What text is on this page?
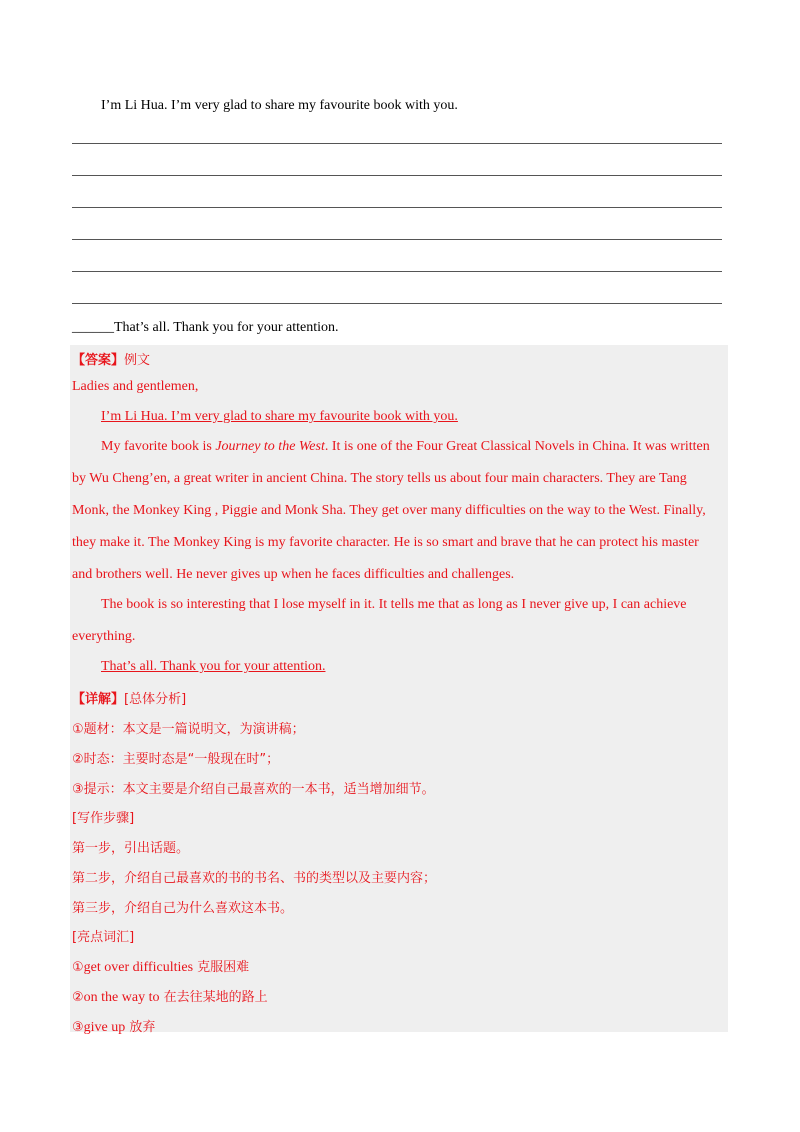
I’m Li Hua. I’m very glad to share my favourite book with you.
______That’s all. Thank you for your attention.
【答案】例文
Ladies and gentlemen,
I’m Li Hua. I’m very glad to share my favourite book with you.
My favorite book is Journey to the West. It is one of the Four Great Classical Novels in China. It was written
by Wu Cheng’en, a great writer in ancient China. The story tells us about four main characters. They are Tang
Monk, the Monkey King , Piggie and Monk Sha. They get over many difficulties on the way to the West. Finally,
they make it. The Monkey King is my favorite character. He is so smart and brave that he can protect his master
and brothers well. He never gives up when he faces difficulties and challenges.
The book is so interesting that I lose myself in it. It tells me that as long as I never give up, I can achieve
everything.
That’s all. Thank you for your attention.
【详解】[总体分析]
①题材：本文是一篇说明文，为演讲稿；
②时态：主要时态是“一般现在时”；
③提示：本文主要是介绍自己最喜欢的一本书，适当增加细节。
[写作步骤]
第一步，引出话题。
第二步，介绍自己最喜欢的书的书名、书的类型以及主要内容；
第三步，介绍自己为什么喜欢这本书。
[亮点词汇]
①get over difficulties 克服困难
②on the way to 在去往某地的路上
③give up 放弃
